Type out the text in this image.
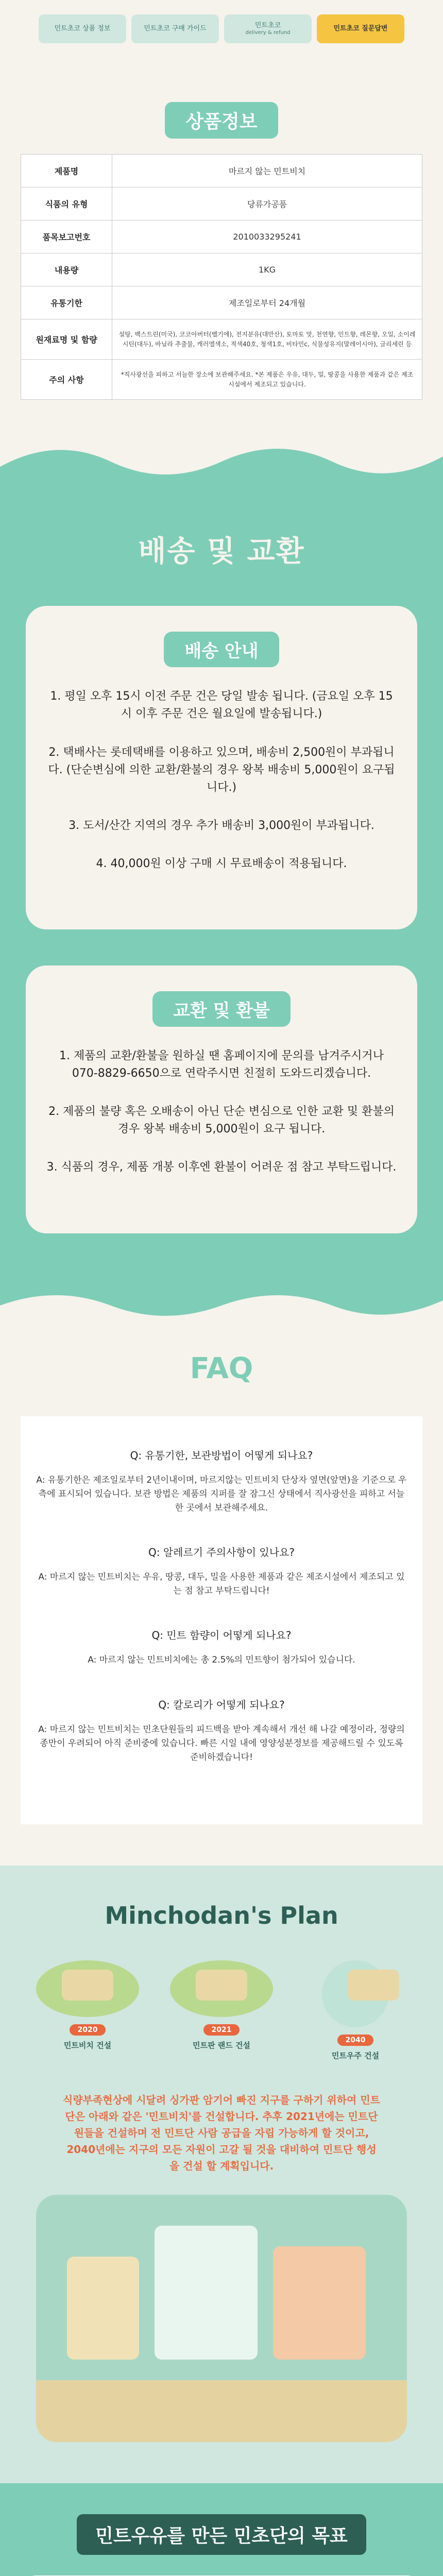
민트초코 상품 정보	민트초코 구매 가이드	민트초코
delivery & refund
민트초코 질문답변
상품정보
제품명	마르지 않는 민트비치
식품의 유형	당류가공품
품목보고번호	2010033295241
내용량	1KG
유통기한	제조일로부터 24개월
원재료명 및 함량	설탕, 백스트린(미국), 코코아버터(벨기에), 전지분유(대만산), 토마토 맛, 천연향, 민트향, 레몬향, 오일, 소이레시틴(대두), 바닐라 추출물, 캐러멜색소, 적색40호, 청색1호, 비타민c, 식물성유지(말레이시아), 글리세린 등
주의 사항	*직사광선을 피하고 서늘한 장소에 보관해주세요. *본 제품은 우유, 대두, 밀, 땅콩을 사용한 제품과 같은 제조시설에서 제조되고 있습니다.
배송 및 교환
배송 안내

1. 평일 오후 15시 이전 주문 건은 당일 발송 됩니다. (금요일 오후 15시 이후 주문 건은 월요일에 발송됩니다.)

2. 택배사는 롯데택배를 이용하고 있으며, 배송비 2,500원이 부과됩니다. (단순변심에 의한 교환/환불의 경우 왕복 배송비 5,000원이 요구됩니다.)

3. 도서/산간 지역의 경우 추가 배송비 3,000원이 부과됩니다.

4. 40,000원 이상 구매 시 무료배송이 적용됩니다.

교환 및 환불

1. 제품의 교환/환불을 원하실 땐 홈페이지에 문의를 남겨주시거나 070-8829-6650으로 연락주시면 친절히 도와드리겠습니다.

2. 제품의 불량 혹은 오배송이 아닌 단순 변심으로 인한 교환 및 환불의 경우 왕복 배송비 5,000원이 요구 됩니다.

3. 식품의 경우, 제품 개봉 이후엔 환불이 어려운 점 참고 부탁드립니다.

FAQ
Q: 유통기한, 보관방법이 어떻게 되나요?
A: 유통기한은 제조일로부터 2년이내이며, 마르지않는 민트비치 단상자 옆면(앞면)을 기준으로 우측에 표시되어 있습니다. 보관 방법은 제품의 지퍼를 잘 잠그신 상태에서 직사광선을 피하고 서늘한 곳에서 보관해주세요.
Q: 알레르기 주의사항이 있나요?
A: 마르지 않는 민트비치는 우유, 땅콩, 대두, 밀을 사용한 제품과 같은 제조시설에서 제조되고 있는 점 참고 부탁드립니다!
Q: 민트 함량이 어떻게 되나요?
A: 마르지 않는 민트비치에는 총 2.5%의 민트향이 첨가되어 있습니다.
Q: 칼로리가 어떻게 되나요?
A: 마르지 않는 민트비치는 민초단원들의 피드백을 받아 계속해서 개선 해 나갈 예정이라, 정량의 종만이 우려되어 아직 준비중에 있습니다. 빠른 시일 내에 영양성분정보를 제공해드릴 수 있도록 준비하겠습니다!
Minchodan's Plan
2020
민트비치 건설
2021
민트판 랜드 건설
2040
민트우주 건설

식량부족현상에 시달려 싱가판 암기어 빠진 지구를 구하기 위하여 민트단은 아래와 같은 '민트비치'를 건설합니다. 추후 2021년에는 민트단원들을 건설하며 전 민트단 사람 공급을 자립 가능하게 할 것이고, 2040년에는 지구의 모든 자원이 고갈 될 것을 대비하여 민트단 행성을 건설 할 계획입니다.

민트우유를 만든 민초단의 목표
